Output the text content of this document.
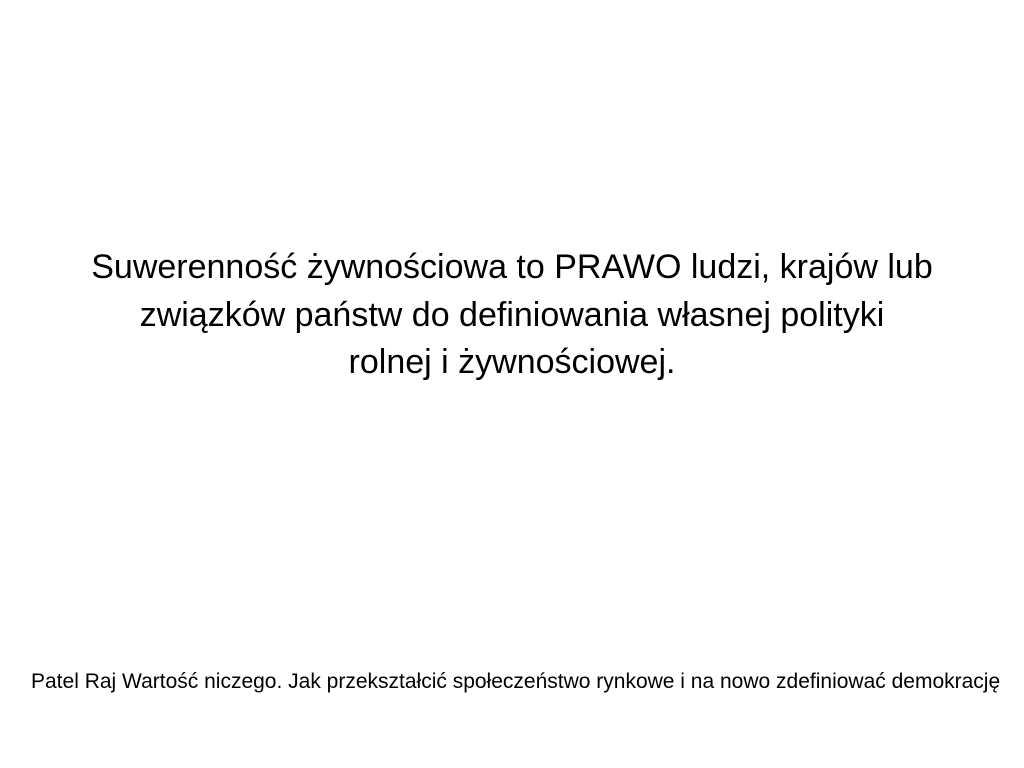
Suwerenność żywnościowa to PRAWO ludzi, krajów lub
związków państw do definiowania własnej polityki
rolnej i żywnościowej.
Patel Raj Wartość niczego. Jak przekształcić społeczeństwo rynkowe i na nowo zdefiniować demokrację
